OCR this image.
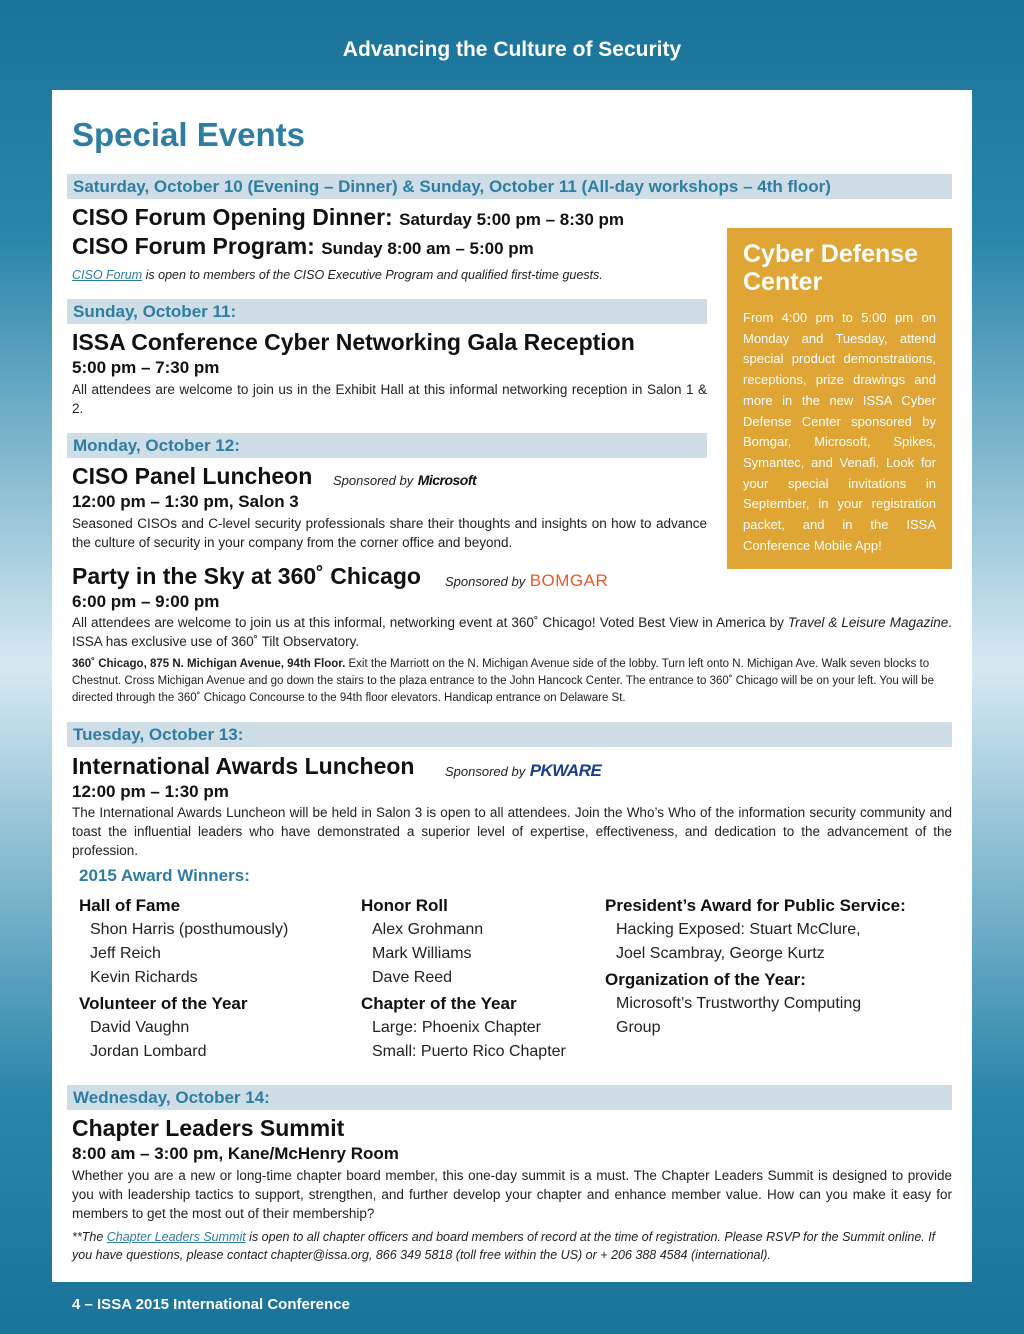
Advancing the Culture of Security
Special Events
Saturday, October 10 (Evening – Dinner) & Sunday, October 11 (All-day workshops – 4th floor)
CISO Forum Opening Dinner: Saturday 5:00 pm – 8:30 pm
CISO Forum Program: Sunday 8:00 am – 5:00 pm
CISO Forum is open to members of the CISO Executive Program and qualified first-time guests.
Sunday, October 11:
ISSA Conference Cyber Networking Gala Reception
5:00 pm – 7:30 pm
All attendees are welcome to join us in the Exhibit Hall at this informal networking reception in Salon 1 & 2.
Monday, October 12:
CISO Panel Luncheon Sponsored by Microsoft
12:00 pm – 1:30 pm, Salon 3
Seasoned CISOs and C-level security professionals share their thoughts and insights on how to advance the culture of security in your company from the corner office and beyond.
Cyber Defense Center
From 4:00 pm to 5:00 pm on Monday and Tuesday, attend special product demonstrations, receptions, prize drawings and more in the new ISSA Cyber Defense Center sponsored by Bomgar, Microsoft, Spikes, Symantec, and Venafi. Look for your special invitations in September, in your registration packet, and in the ISSA Conference Mobile App!
Party in the Sky at 360˚ Chicago Sponsored by BOMGAR
6:00 pm – 9:00 pm
All attendees are welcome to join us at this informal, networking event at 360˚ Chicago! Voted Best View in America by Travel & Leisure Magazine. ISSA has exclusive use of 360˚ Tilt Observatory.
360˚ Chicago, 875 N. Michigan Avenue, 94th Floor. Exit the Marriott on the N. Michigan Avenue side of the lobby. Turn left onto N. Michigan Ave. Walk seven blocks to Chestnut. Cross Michigan Avenue and go down the stairs to the plaza entrance to the John Hancock Center. The entrance to 360˚ Chicago will be on your left. You will be directed through the 360˚ Chicago Concourse to the 94th floor elevators. Handicap entrance on Delaware St.
Tuesday, October 13:
International Awards Luncheon Sponsored by PKWARE
12:00 pm – 1:30 pm
The International Awards Luncheon will be held in Salon 3 is open to all attendees. Join the Who’s Who of the information security community and toast the influential leaders who have demonstrated a superior level of expertise, effectiveness, and dedication to the advancement of the profession.
2015 Award Winners:
Hall of Fame
Shon Harris (posthumously)
Jeff Reich
Kevin Richards
Volunteer of the Year
David Vaughn
Jordan Lombard
Honor Roll
Alex Grohmann
Mark Williams
Dave Reed
Chapter of the Year
Large: Phoenix Chapter
Small: Puerto Rico Chapter
President’s Award for Public Service:
Hacking Exposed: Stuart McClure,
Joel Scambray, George Kurtz
Organization of the Year:
Microsoft’s Trustworthy Computing
Group
Wednesday, October 14:
Chapter Leaders Summit
8:00 am – 3:00 pm, Kane/McHenry Room
Whether you are a new or long-time chapter board member, this one-day summit is a must. The Chapter Leaders Summit is designed to provide you with leadership tactics to support, strengthen, and further develop your chapter and enhance member value. How can you make it easy for members to get the most out of their membership?
**The Chapter Leaders Summit is open to all chapter officers and board members of record at the time of registration. Please RSVP for the Summit online. If you have questions, please contact chapter@issa.org, 866 349 5818 (toll free within the US) or + 206 388 4584 (international).
4 – ISSA 2015 International Conference
